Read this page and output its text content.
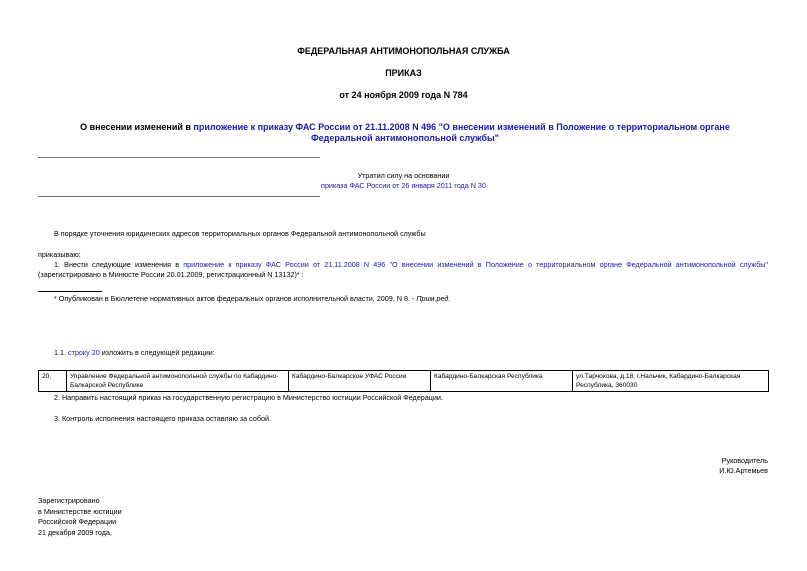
ФЕДЕРАЛЬНАЯ АНТИМОНОПОЛЬНАЯ СЛУЖБА
ПРИКАЗ
от 24 ноября 2009 года N 784
О внесении изменений в приложение к приказу ФАС России от 21.11.2008 N 496 "О внесении изменений в Положение о территориальном органе Федеральной антимонопольной службы"
Утратил силу на основании
приказа ФАС России от 26 января 2011 года N 30
В порядке уточнения юридических адресов территориальных органов Федеральной антимонопольной службы
приказываю:
1. Внести следующие изменения в приложение к приказу ФАС России от 21.11.2008 N 496 "О внесении изменений в Положение о территориальном органе Федеральной антимонопольной службы" (зарегистрировано в Минюсте России 20.01.2009, регистрационный N 13132)* :
* Опубликован в Бюллетене нормативных актов федеральных органов исполнительной власти, 2009, N 8. - Прим.ред.
1.1. строку 20 изложить в следующей редакции:
20.	Управление Федеральной антимонопольной службы по Кабардино-Балкарской Республике	Кабардино-Балкарское УФАС России	Кабардино-Балкарская Республика	ул.Тарчокова, д.18, г.Нальчик, Кабардино-Балкарская Республика, 360030
2. Направить настоящий приказ на государственную регистрацию в Министерство юстиции Российской Федерации.
3. Контроль исполнения настоящего приказа оставляю за собой.
Руководитель
И.Ю.Артемьев
Зарегистрировано
в Министерстве юстиции
Российской Федерации
21 декабря 2009 года,
